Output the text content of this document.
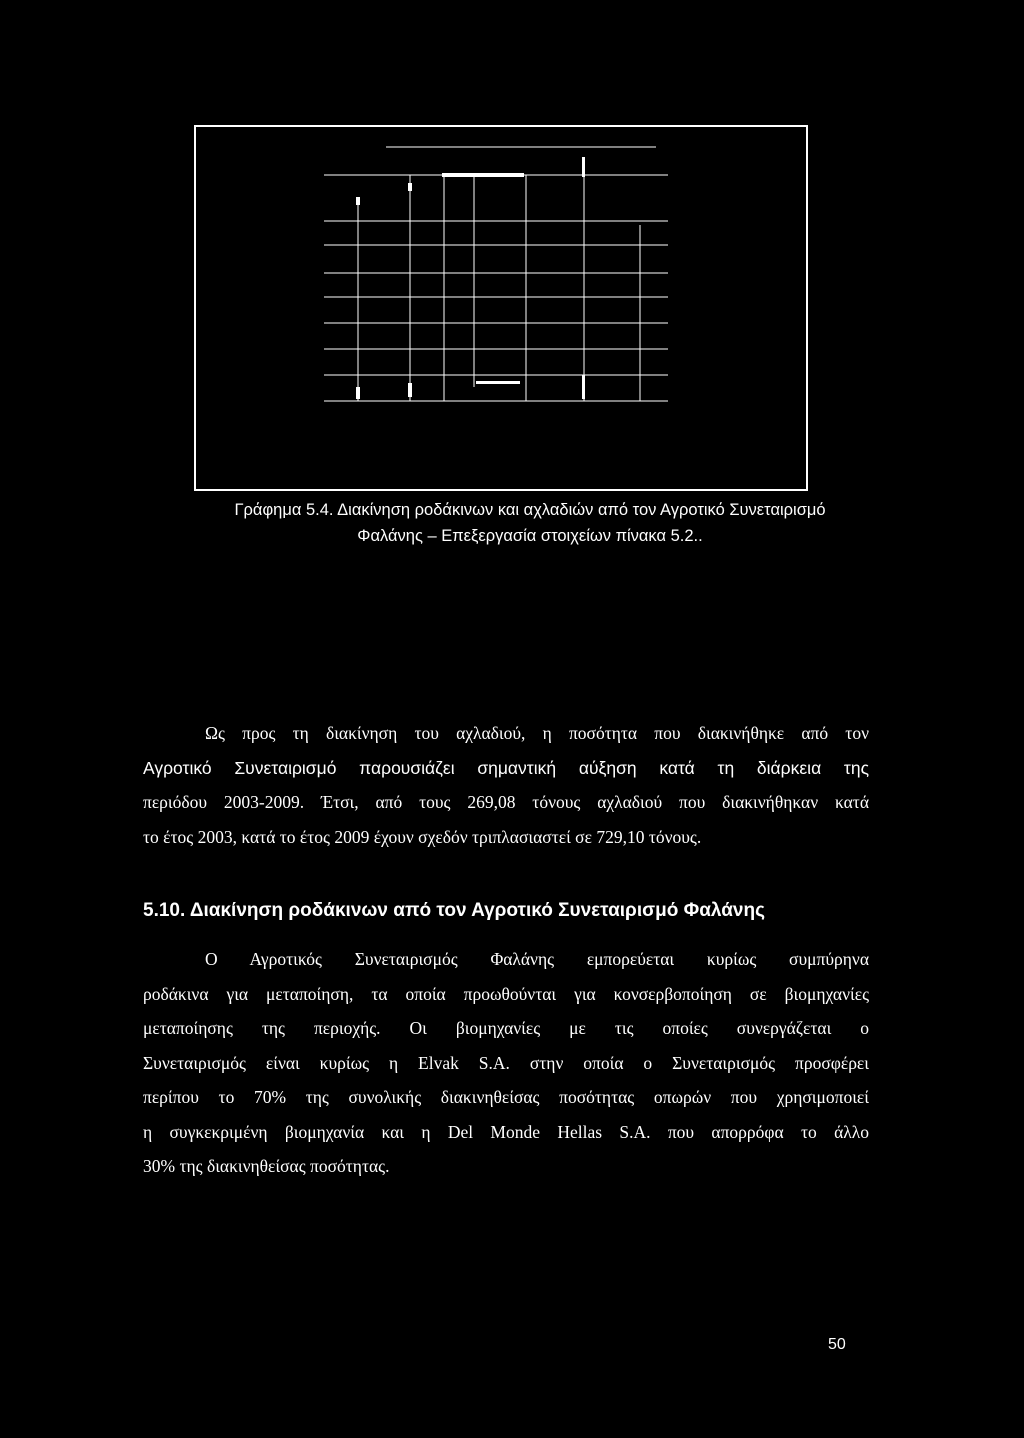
Γράφημα 5.4. Διακίνηση ροδάκινων και αχλαδιών από τον Αγροτικό Συνεταιρισμό
Φαλάνης – Επεξεργασία στοιχείων πίνακα 5.2..
Ως προς τη διακίνηση του αχλαδιού, η ποσότητα που διακινήθηκε από τον
Αγροτικό Συνεταιρισμό παρουσιάζει σημαντική αύξηση κατά τη διάρκεια της
περιόδου 2003-2009. Έτσι, από τους 269,08 τόνους αχλαδιού που διακινήθηκαν κατά
το έτος 2003, κατά το έτος 2009 έχουν σχεδόν τριπλασιαστεί σε 729,10 τόνους.
5.10. Διακίνηση ροδάκινων από τον Αγροτικό Συνεταιρισμό Φαλάνης
Ο Αγροτικός Συνεταιρισμός Φαλάνης εμπορεύεται κυρίως συμπύρηνα
ροδάκινα για μεταποίηση, τα οποία προωθούνται για κονσερβοποίηση σε βιομηχανίες
μεταποίησης της περιοχής. Οι βιομηχανίες με τις οποίες συνεργάζεται ο
Συνεταιρισμός είναι κυρίως η Elvak S.A. στην οποία ο Συνεταιρισμός προσφέρει
περίπου το 70% της συνολικής διακινηθείσας ποσότητας οπωρών που χρησιμοποιεί
η συγκεκριμένη βιομηχανία και η Del Monde Hellas S.A. που απορρόφα το άλλο
30% της διακινηθείσας ποσότητας.
50
